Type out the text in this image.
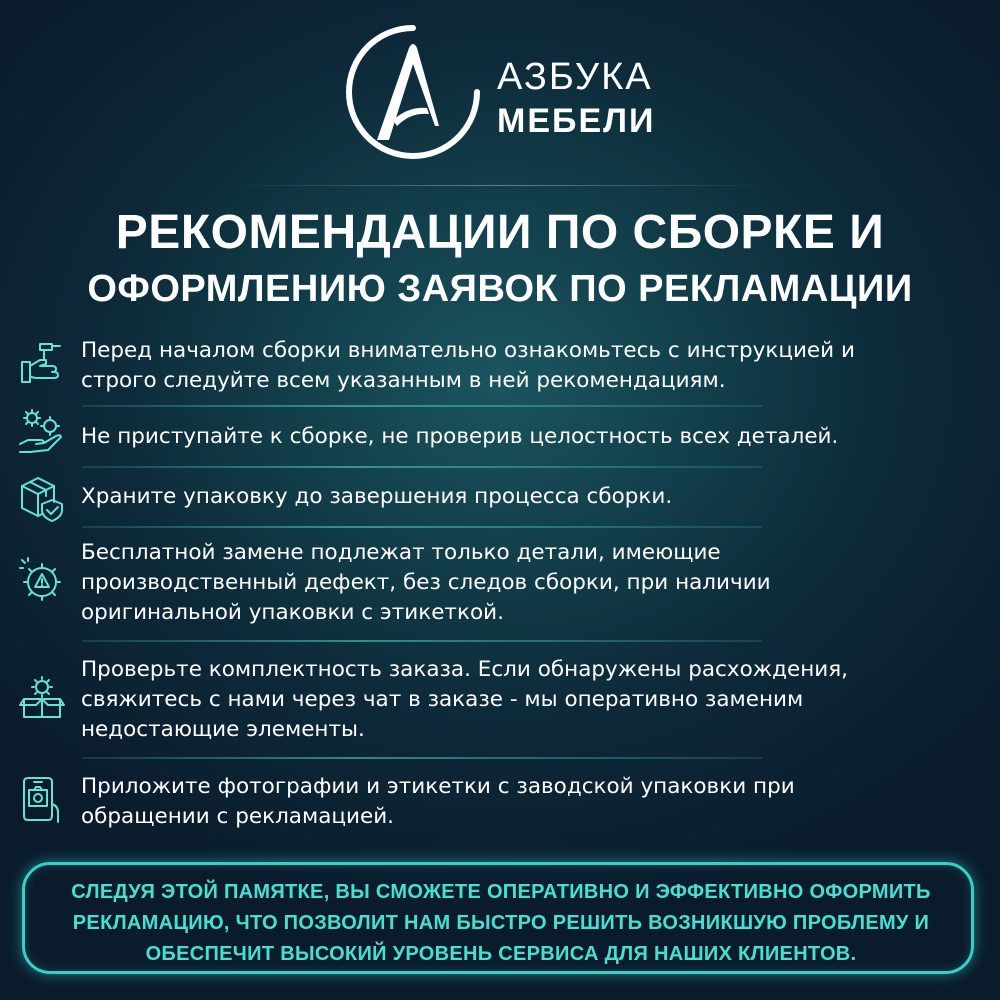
АЗБУКА
МЕБЕЛИ
РЕКОМЕНДАЦИИ ПО СБОРКЕ И
ОФОРМЛЕНИЮ ЗАЯВОК ПО РЕКЛАМАЦИИ
Перед началом сборки внимательно ознакомьтесь с инструкцией и
строго следуйте всем указанным в ней рекомендациям.
Не приступайте к сборке, не проверив целостность всех деталей.
Храните упаковку до завершения процесса сборки.
Бесплатной замене подлежат только детали, имеющие
производственный дефект, без следов сборки, при наличии
оригинальной упаковки с этикеткой.
Проверьте комплектность заказа. Если обнаружены расхождения,
свяжитесь с нами через чат в заказе - мы оперативно заменим
недостающие элементы.
Приложите фотографии и этикетки с заводской упаковки при
обращении с рекламацией.
СЛЕДУЯ ЭТОЙ ПАМЯТКЕ, ВЫ СМОЖЕТЕ ОПЕРАТИВНО И ЭФФЕКТИВНО ОФОРМИТЬ
РЕКЛАМАЦИЮ, ЧТО ПОЗВОЛИТ НАМ БЫСТРО РЕШИТЬ ВОЗНИКШУЮ ПРОБЛЕМУ И
ОБЕСПЕЧИТ ВЫСОКИЙ УРОВЕНЬ СЕРВИСА ДЛЯ НАШИХ КЛИЕНТОВ.
